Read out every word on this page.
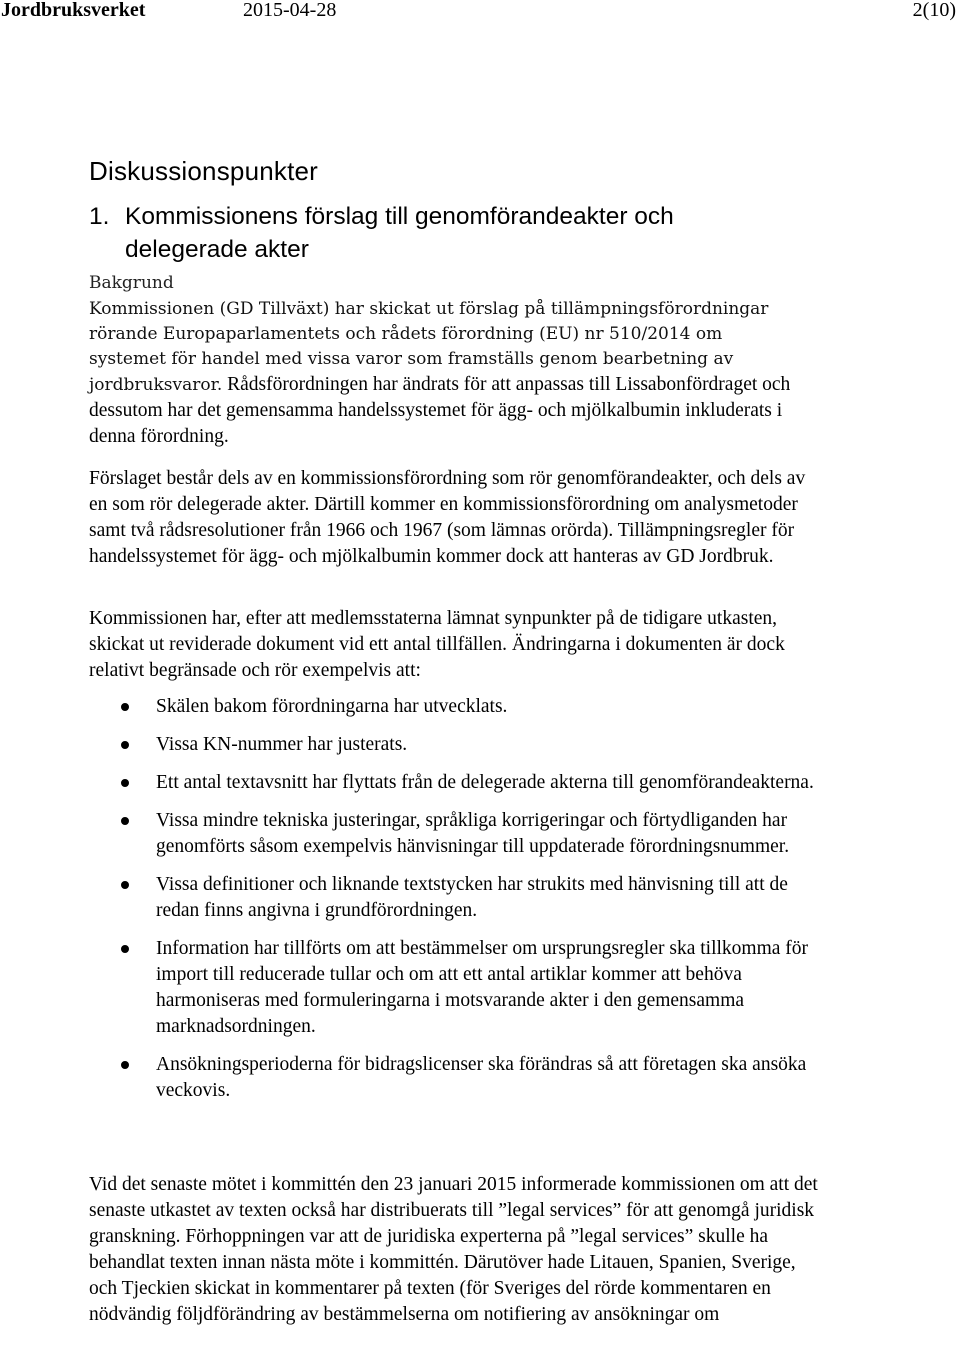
Jordbruksverket	2015-04-28	2(10)
Diskussionspunkter
1. Kommissionens förslag till genomförandeakter och
delegerade akter
Bakgrund
Kommissionen (GD Tillväxt) har skickat ut förslag på tillämpningsförordningar
rörande Europaparlamentets och rådets förordning (EU) nr 510/2014 om
systemet för handel med vissa varor som framställs genom bearbetning av

jordbruksvaror. Rådsförordningen har ändrats för att anpassas till Lissabonfördraget och dessutom har det gemensamma handelssystemet för ägg- och mjölkalbumin inkluderats i denna förordning.

Förslaget består dels av en kommissionsförordning som rör genomförandeakter, och dels av en som rör delegerade akter. Därtill kommer en kommissionsförordning om analysmetoder samt två rådsresolutioner från 1966 och 1967 (som lämnas orörda). Tillämpningsregler för handelssystemet för ägg- och mjölkalbumin kommer dock att hanteras av GD Jordbruk.

Kommissionen har, efter att medlemsstaterna lämnat synpunkter på de tidigare utkasten, skickat ut reviderade dokument vid ett antal tillfällen. Ändringarna i dokumenten är dock relativt begränsade och rör exempelvis att:

Skälen bakom förordningarna har utvecklats.
Vissa KN-nummer har justerats.
Ett antal textavsnitt har flyttats från de delegerade akterna till genomförandeakterna.
Vissa mindre tekniska justeringar, språkliga korrigeringar och förtydliganden har genomförts såsom exempelvis hänvisningar till uppdaterade förordningsnummer.
Vissa definitioner och liknande textstycken har strukits med hänvisning till att de redan finns angivna i grundförordningen.
Information har tillförts om att bestämmelser om ursprungsregler ska tillkomma för import till reducerade tullar och om att ett antal artiklar kommer att behöva harmoniseras med formuleringarna i motsvarande akter i den gemensamma marknadsordningen.
Ansökningsperioderna för bidragslicenser ska förändras så att företagen ska ansöka veckovis.

Vid det senaste mötet i kommittén den 23 januari 2015 informerade kommissionen om att det senaste utkastet av texten också har distribuerats till ”legal services” för att genomgå juridisk granskning. Förhoppningen var att de juridiska experterna på ”legal services” skulle ha behandlat texten innan nästa möte i kommittén. Därutöver hade Litauen, Spanien, Sverige, och Tjeckien skickat in kommentarer på texten (för Sveriges del rörde kommentaren en nödvändig följdförändring av bestämmelserna om notifiering av ansökningar om
